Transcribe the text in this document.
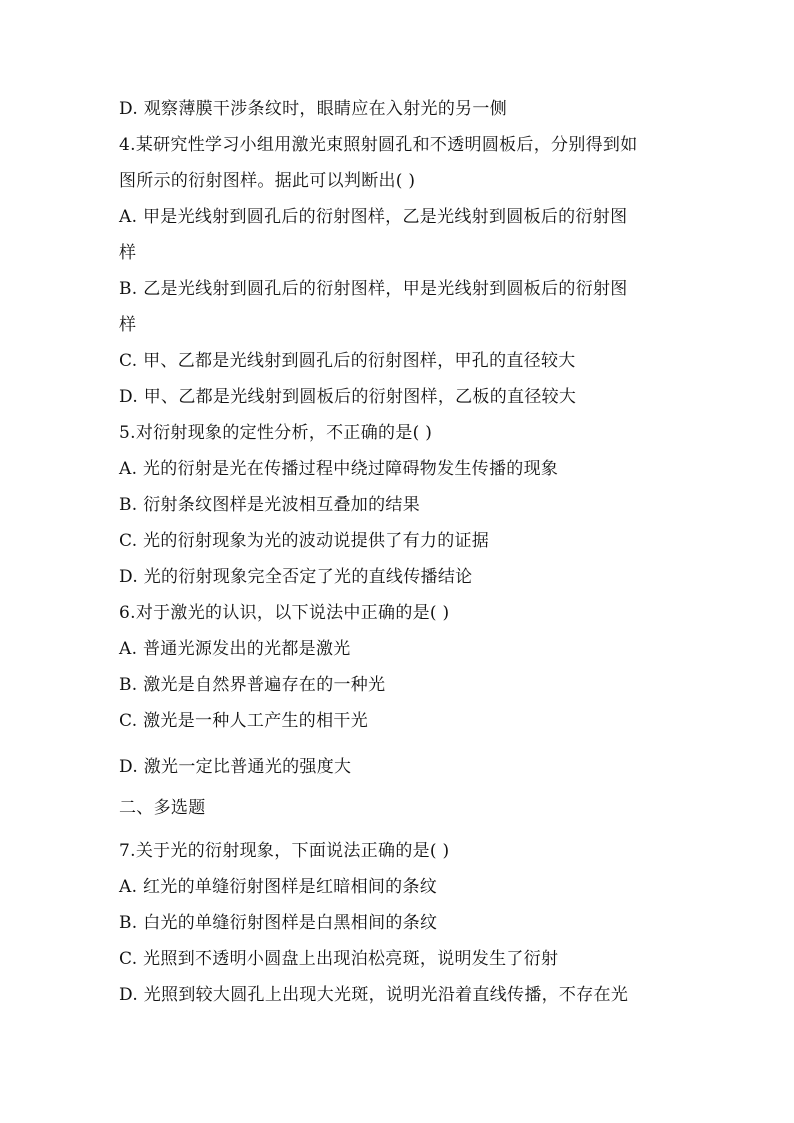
D. 观察薄膜干涉条纹时，眼睛应在入射光的另一侧
4.某研究性学习小组用激光束照射圆孔和不透明圆板后，分别得到如
图所示的衍射图样。据此可以判断出( )
A. 甲是光线射到圆孔后的衍射图样，乙是光线射到圆板后的衍射图
样
B. 乙是光线射到圆孔后的衍射图样，甲是光线射到圆板后的衍射图
样
C. 甲、乙都是光线射到圆孔后的衍射图样，甲孔的直径较大
D. 甲、乙都是光线射到圆板后的衍射图样，乙板的直径较大
5.对衍射现象的定性分析，不正确的是( )
A. 光的衍射是光在传播过程中绕过障碍物发生传播的现象
B. 衍射条纹图样是光波相互叠加的结果
C. 光的衍射现象为光的波动说提供了有力的证据
D. 光的衍射现象完全否定了光的直线传播结论
6.对于激光的认识，以下说法中正确的是( )
A. 普通光源发出的光都是激光
B. 激光是自然界普遍存在的一种光
C. 激光是一种人工产生的相干光
D. 激光一定比普通光的强度大
二、多选题
7.关于光的衍射现象，下面说法正确的是( )
A. 红光的单缝衍射图样是红暗相间的条纹
B. 白光的单缝衍射图样是白黑相间的条纹
C. 光照到不透明小圆盘上出现泊松亮斑，说明发生了衍射
D. 光照到较大圆孔上出现大光斑，说明光沿着直线传播，不存在光
